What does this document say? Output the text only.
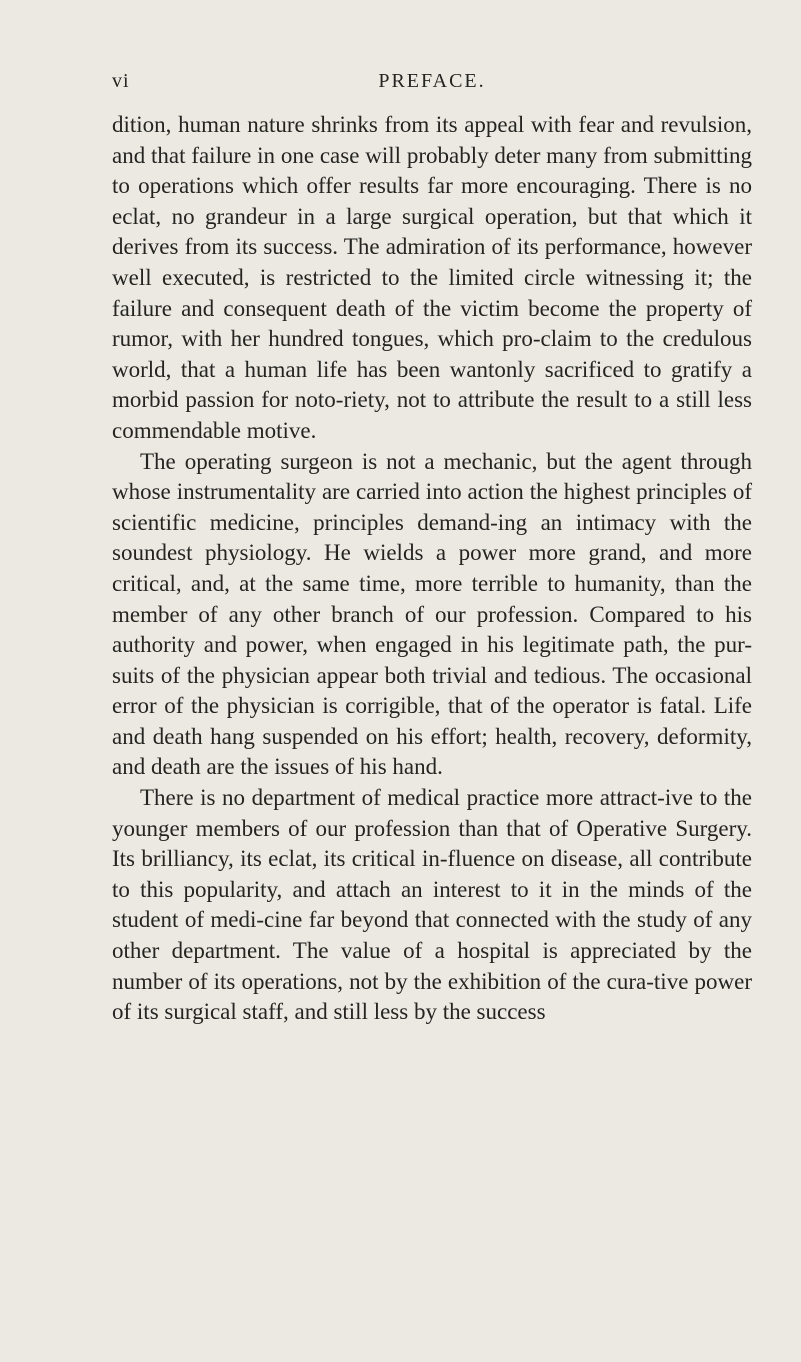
vi	PREFACE.

dition, human nature shrinks from its appeal with fear and revulsion, and that failure in one case will probably deter many from submitting to operations which offer results far more encouraging. There is no eclat, no grandeur in a large surgical operation, but that which it derives from its success. The admiration of its performance, however well executed, is restricted to the limited circle witnessing it; the failure and consequent death of the victim become the property of rumor, with her hundred tongues, which pro-claim to the credulous world, that a human life has been wantonly sacrificed to gratify a morbid passion for noto-riety, not to attribute the result to a still less commendable motive.

The operating surgeon is not a mechanic, but the agent through whose instrumentality are carried into action the highest principles of scientific medicine, principles demand-ing an intimacy with the soundest physiology. He wields a power more grand, and more critical, and, at the same time, more terrible to humanity, than the member of any other branch of our profession. Compared to his authority and power, when engaged in his legitimate path, the pur-suits of the physician appear both trivial and tedious. The occasional error of the physician is corrigible, that of the operator is fatal. Life and death hang suspended on his effort; health, recovery, deformity, and death are the issues of his hand.

There is no department of medical practice more attract-ive to the younger members of our profession than that of Operative Surgery. Its brilliancy, its eclat, its critical in-fluence on disease, all contribute to this popularity, and attach an interest to it in the minds of the student of medi-cine far beyond that connected with the study of any other department. The value of a hospital is appreciated by the number of its operations, not by the exhibition of the cura-tive power of its surgical staff, and still less by the success
